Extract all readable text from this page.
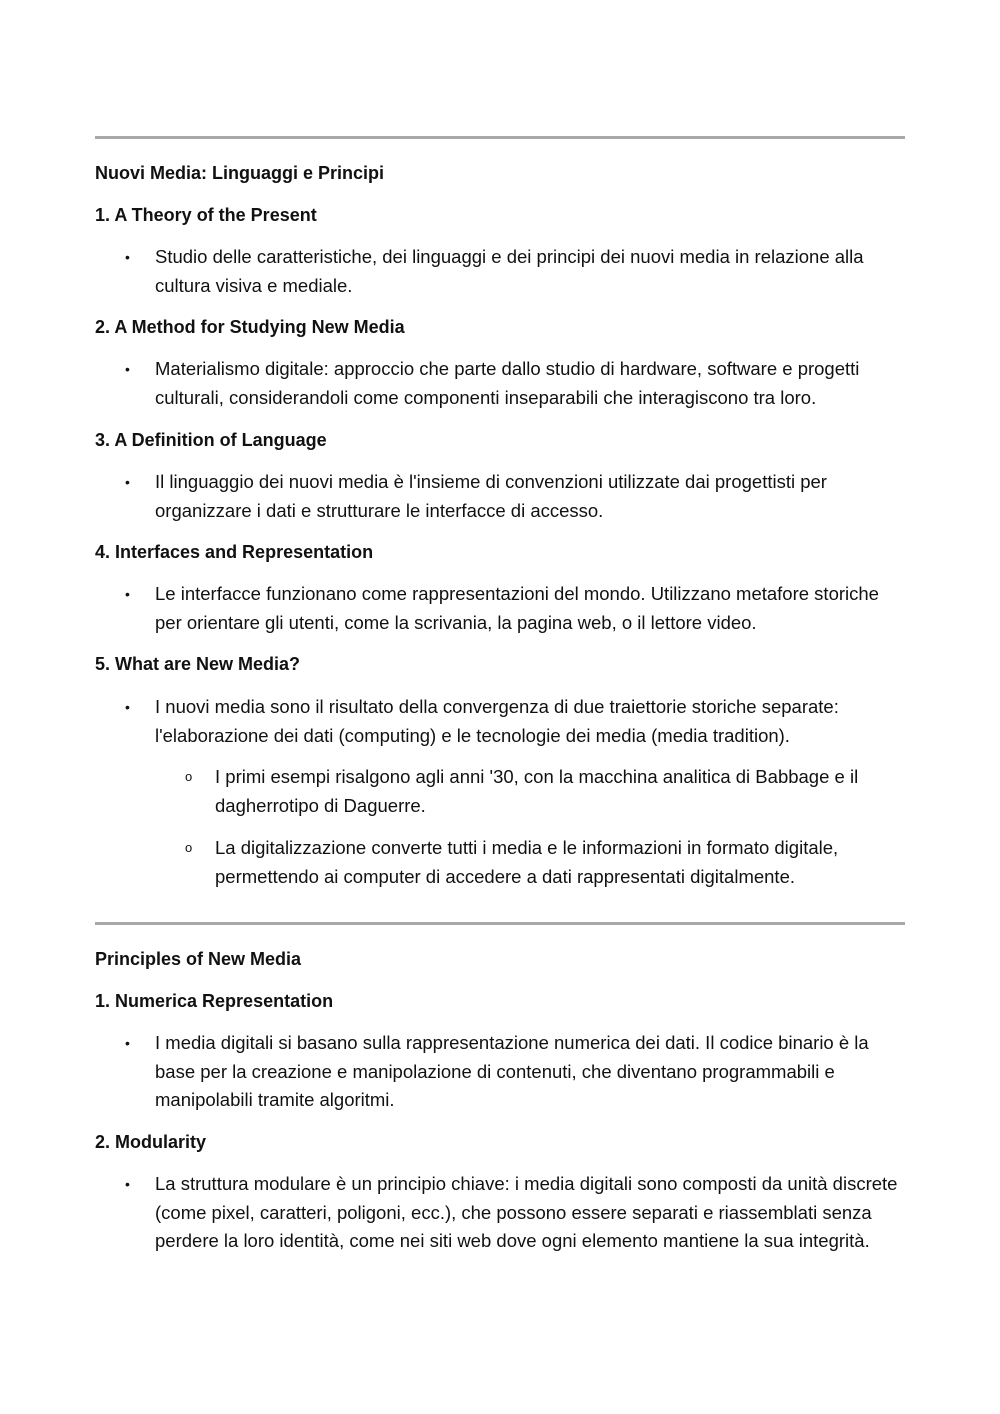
Nuovi Media: Linguaggi e Principi
1. A Theory of the Present
• Studio delle caratteristiche, dei linguaggi e dei principi dei nuovi media in relazione alla cultura visiva e mediale.
2. A Method for Studying New Media
• Materialismo digitale: approccio che parte dallo studio di hardware, software e progetti culturali, considerandoli come componenti inseparabili che interagiscono tra loro.
3. A Definition of Language
• Il linguaggio dei nuovi media è l'insieme di convenzioni utilizzate dai progettisti per organizzare i dati e strutturare le interfacce di accesso.
4. Interfaces and Representation
• Le interfacce funzionano come rappresentazioni del mondo. Utilizzano metafore storiche per orientare gli utenti, come la scrivania, la pagina web, o il lettore video.
5. What are New Media?
• I nuovi media sono il risultato della convergenza di due traiettorie storiche separate: l'elaborazione dei dati (computing) e le tecnologie dei media (media tradition).
o I primi esempi risalgono agli anni '30, con la macchina analitica di Babbage e il dagherrotipo di Daguerre.
o La digitalizzazione converte tutti i media e le informazioni in formato digitale, permettendo ai computer di accedere a dati rappresentati digitalmente.
Principles of New Media
1. Numerica Representation
• I media digitali si basano sulla rappresentazione numerica dei dati. Il codice binario è la base per la creazione e manipolazione di contenuti, che diventano programmabili e manipolabili tramite algoritmi.
2. Modularity
• La struttura modulare è un principio chiave: i media digitali sono composti da unità discrete (come pixel, caratteri, poligoni, ecc.), che possono essere separati e riassemblati senza perdere la loro identità, come nei siti web dove ogni elemento mantiene la sua integrità.
